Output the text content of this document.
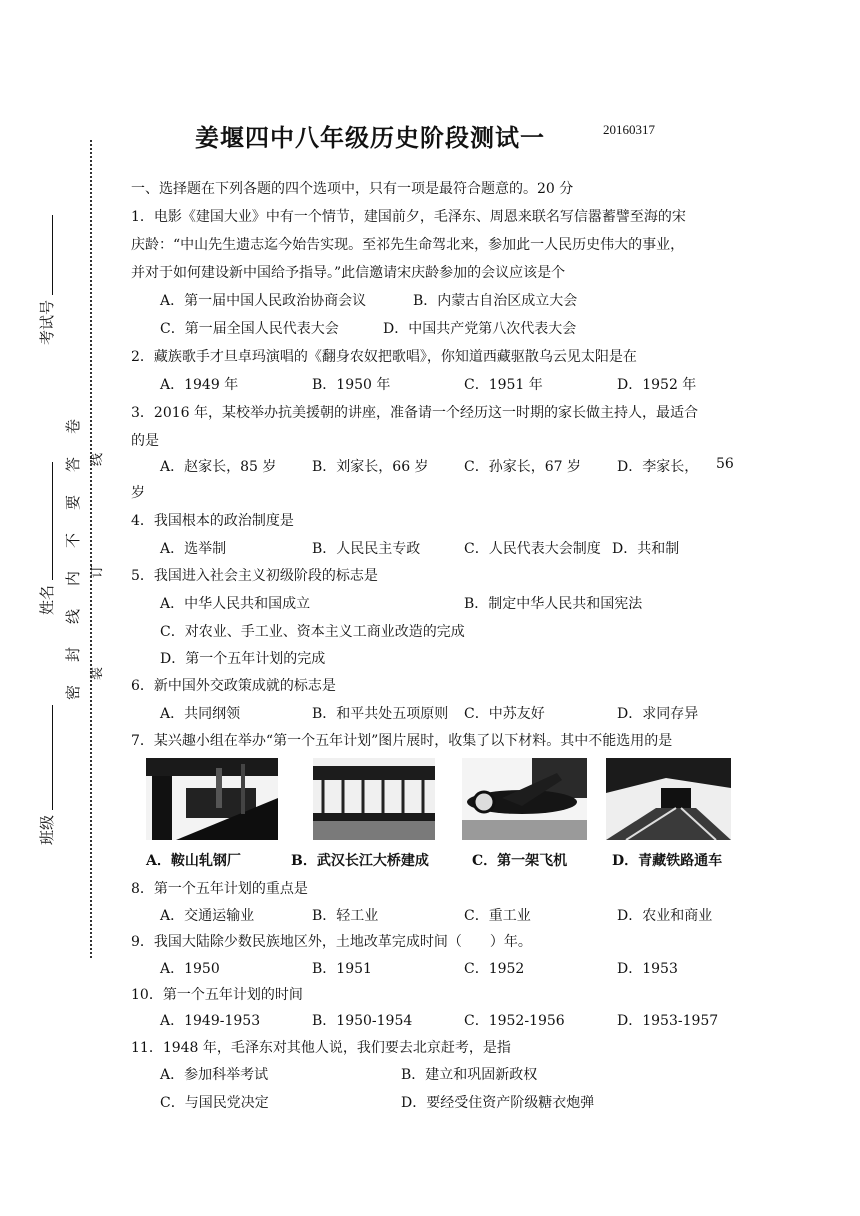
姜堰四中八年级历史阶段测试一	20160317
考试号
密　封　线　内　不　要　答　卷
姓名
班级
线
订
装
一、选择题在下列各题的四个选项中，只有一项是最符合题意的。20 分
1．电影《建国大业》中有一个情节，建国前夕，毛泽东、周恩来联名写信嚣蓄譬至海的宋
庆龄：“中山先生遗志迄今始告实现。至祁先生命驾北来，参加此一人民历史伟大的事业，
并对于如何建设新中国给予指导。”此信邀请宋庆龄参加的会议应该是个
A．第一届中国人民政治协商会议	B．内蒙古自治区成立大会
C．第一届全国人民代表大会	D．中国共产党第八次代表大会
2．藏族歌手才旦卓玛演唱的《翻身农奴把歌唱》，你知道西藏驱散乌云见太阳是在
A．1949 年	B．1950 年	C．1951 年	D．1952 年
3．2016 年，某校举办抗美援朝的讲座，准备请一个经历这一时期的家长做主持人，最适合
的是
A．赵家长，85 岁	B．刘家长，66 岁	C．孙家长，67 岁	D．李家长， 56
岁
4．我国根本的政治制度是
A．选举制	B．人民民主专政	C．人民代表大会制度 D．共和制
5．我国进入社会主义初级阶段的标志是
A．中华人民共和国成立	B．制定中华人民共和国宪法
C．对农业、手工业、资本主义工商业改造的完成
D．第一个五年计划的完成
6．新中国外交政策成就的标志是
A．共同纲领	B．和平共处五项原则 C．中苏友好	D．求同存异
7．某兴趣小组在举办“第一个五年计划”图片展时，收集了以下材料。其中不能选用的是
A．鞍山轧钢厂	B．武汉长江大桥建成	C．第一架飞机	D．青藏铁路通车
8．第一个五年计划的重点是
A．交通运输业	B．轻工业	C．重工业	D．农业和商业
9．我国大陆除少数民族地区外，土地改革完成时间（　　）年。
A．1950	B．1951	C．1952	D．1953
10．第一个五年计划的时间
A．1949-1953	B．1950-1954	C．1952-1956	D．1953-1957
11．1948 年，毛泽东对其他人说，我们要去北京赶考，是指
A．参加科举考试	B．建立和巩固新政权
C．与国民党决定	D．要经受住资产阶级糖衣炮弹
